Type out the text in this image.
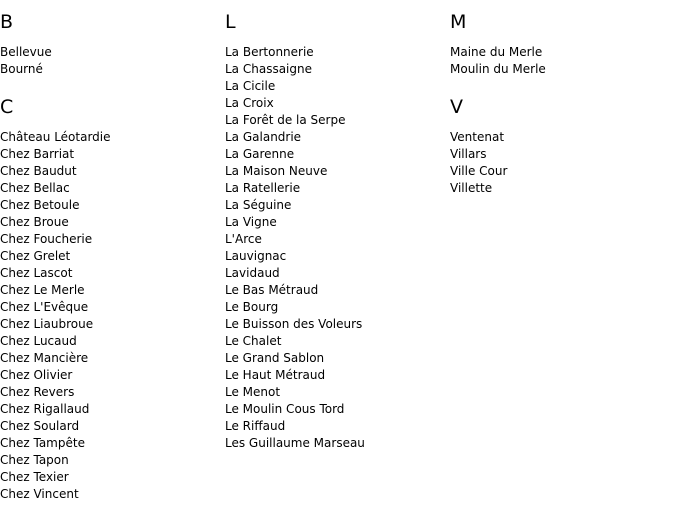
B
Bellevue
Bourné
C
Château Léotardie
Chez Barriat
Chez Baudut
Chez Bellac
Chez Betoule
Chez Broue
Chez Foucherie
Chez Grelet
Chez Lascot
Chez Le Merle
Chez L'Evêque
Chez Liaubroue
Chez Lucaud
Chez Mancière
Chez Olivier
Chez Revers
Chez Rigallaud
Chez Soulard
Chez Tampête
Chez Tapon
Chez Texier
Chez Vincent
L
La Bertonnerie
La Chassaigne
La Cicile
La Croix
La Forêt de la Serpe
La Galandrie
La Garenne
La Maison Neuve
La Ratellerie
La Séguine
La Vigne
L'Arce
Lauvignac
Lavidaud
Le Bas Métraud
Le Bourg
Le Buisson des Voleurs
Le Chalet
Le Grand Sablon
Le Haut Métraud
Le Menot
Le Moulin Cous Tord
Le Riffaud
Les Guillaume Marseau
M
Maine du Merle
Moulin du Merle
V
Ventenat
Villars
Ville Cour
Villette
